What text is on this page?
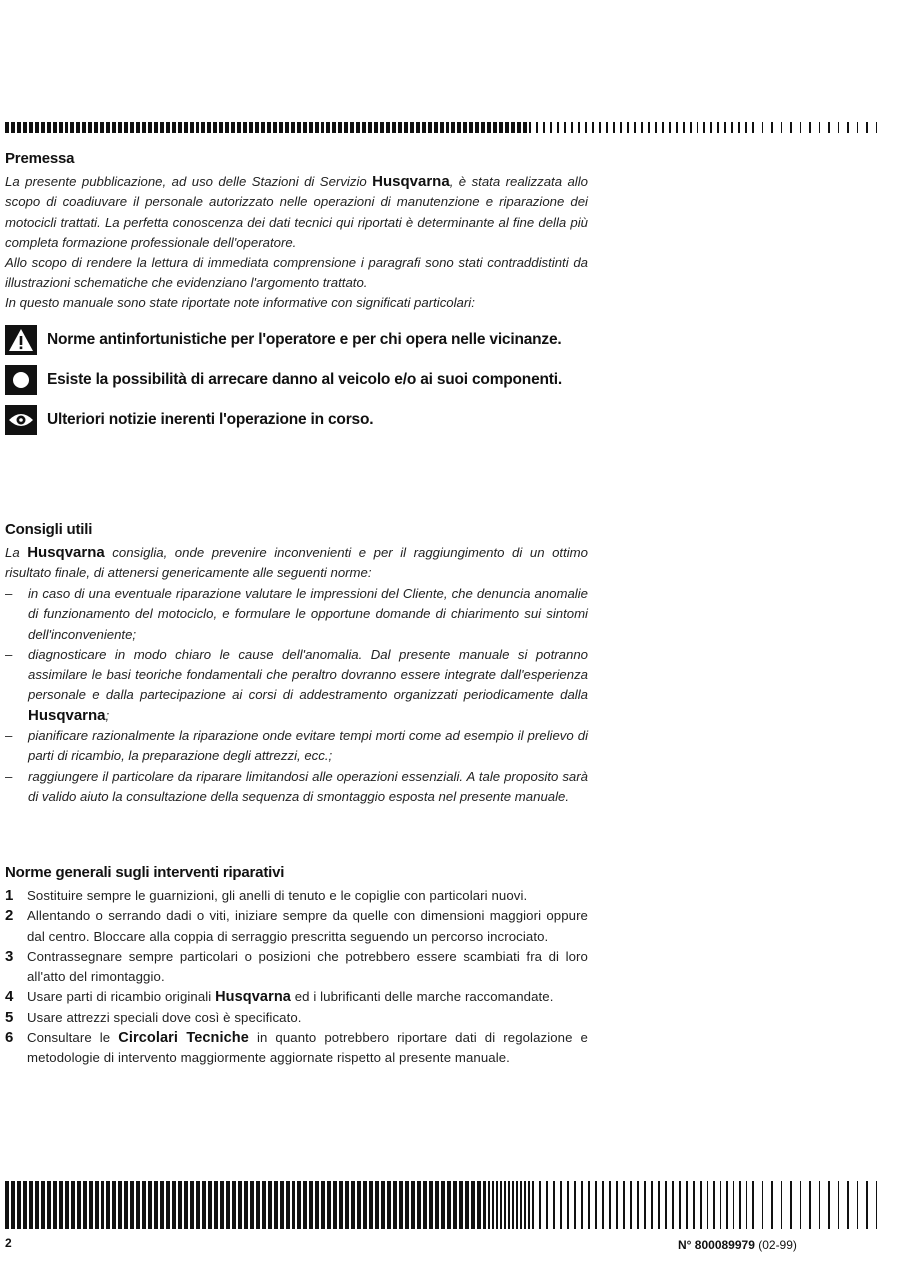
Premessa

La presente pubblicazione, ad uso delle Stazioni di Servizio Husqvarna, è stata realizzata allo scopo di coadiuvare il personale autorizzato nelle operazioni di manutenzione e riparazione dei motocicli trattati. La perfetta conoscenza dei dati tecnici qui riportati è determinante al fine della più completa formazione professionale dell'operatore.

Allo scopo di rendere la lettura di immediata comprensione i paragrafi sono stati contraddistinti da illustrazioni schematiche che evidenziano l'argomento trattato.

In questo manuale sono state riportate note informative con significati particolari:

Norme antinfortunistiche per l'operatore e per chi opera nelle vicinanze.
Esiste la possibilità di arrecare danno al veicolo e/o ai suoi componenti.
Ulteriori notizie inerenti l'operazione in corso.
Consigli utili

La Husqvarna consiglia, onde prevenire inconvenienti e per il raggiungimento di un ottimo risultato finale, di attenersi genericamente alle seguenti norme:

– in caso di una eventuale riparazione valutare le impressioni del Cliente, che denuncia anomalie di funzionamento del motociclo, e formulare le opportune domande di chiarimento sui sintomi dell'inconveniente;
– diagnosticare in modo chiaro le cause dell'anomalia. Dal presente manuale si potranno assimilare le basi teoriche fondamentali che peraltro dovranno essere integrate dall'esperienza personale e dalla partecipazione ai corsi di addestramento organizzati periodicamente dalla Husqvarna;
– pianificare razionalmente la riparazione onde evitare tempi morti come ad esempio il prelievo di parti di ricambio, la preparazione degli attrezzi, ecc.;
– raggiungere il particolare da riparare limitandosi alle operazioni essenziali. A tale proposito sarà di valido aiuto la consultazione della sequenza di smontaggio esposta nel presente manuale.
Norme generali sugli interventi riparativi
1 Sostituire sempre le guarnizioni, gli anelli di tenuto e le copiglie con particolari nuovi.
2 Allentando o serrando dadi o viti, iniziare sempre da quelle con dimensioni maggiori oppure dal centro. Bloccare alla coppia di serraggio prescritta seguendo un percorso incrociato.
3 Contrassegnare sempre particolari o posizioni che potrebbero essere scambiati fra di loro all'atto del rimontaggio.
4 Usare parti di ricambio originali Husqvarna ed i lubrificanti delle marche raccomandate.
5 Usare attrezzi speciali dove così è specificato.
6 Consultare le Circolari Tecniche in quanto potrebbero riportare dati di regolazione e metodologie di intervento maggiormente aggiornate rispetto al presente manuale.
2	N° 800089979 (02-99)
